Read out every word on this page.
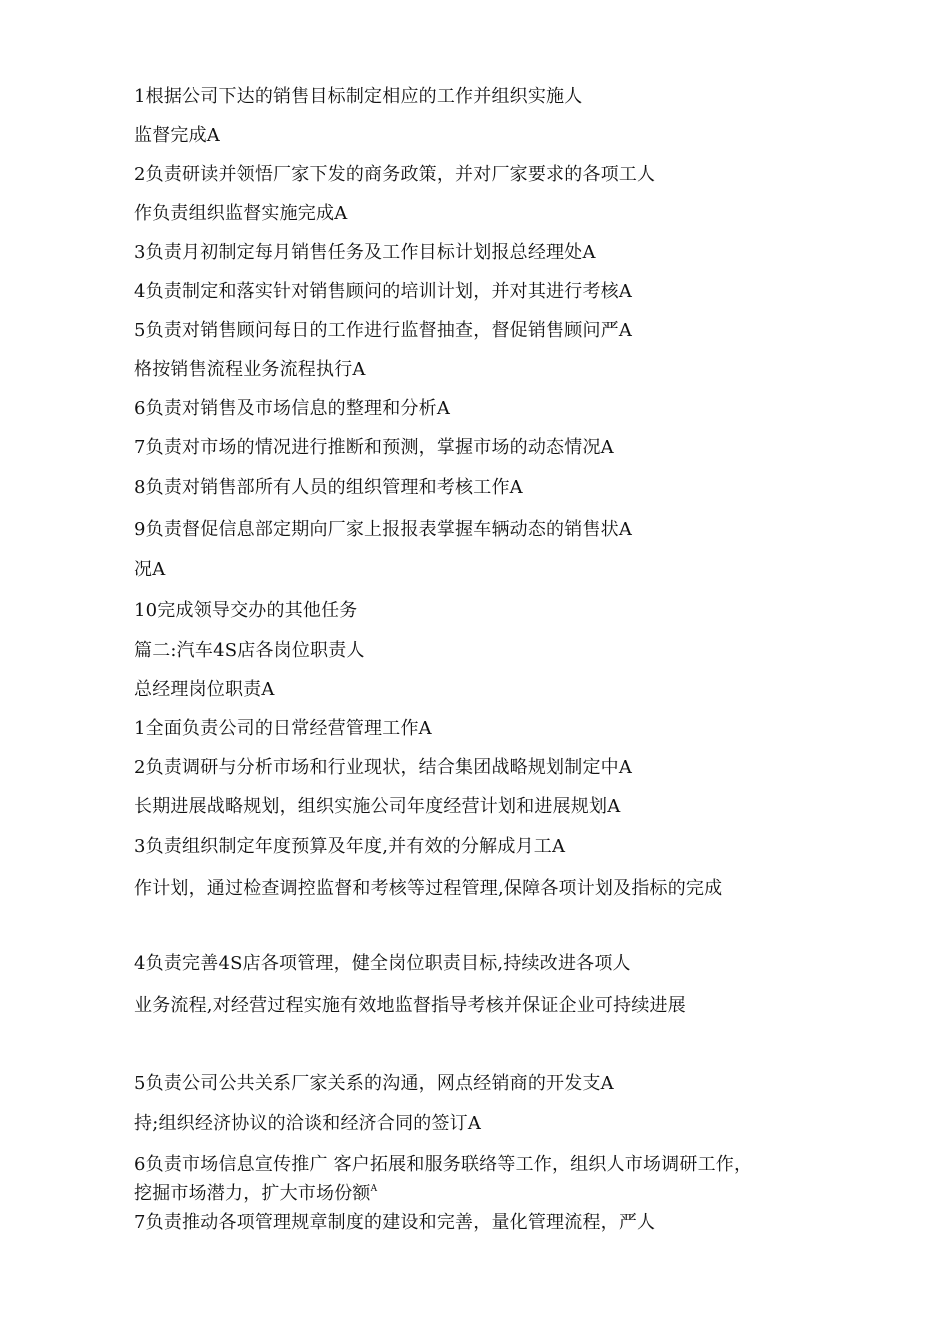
1根据公司下达的销售目标制定相应的工作并组织实施人
监督完成A
2负责研读并领悟厂家下发的商务政策，并对厂家要求的各项工人
作负责组织监督实施完成A
3负责月初制定每月销售任务及工作目标计划报总经理处A
4负责制定和落实针对销售顾问的培训计划，并对其进行考核A
5负责对销售顾问每日的工作进行监督抽查，督促销售顾问严A
格按销售流程业务流程执行A
6负责对销售及市场信息的整理和分析A
7负责对市场的情况进行推断和预测，掌握市场的动态情况A
8负责对销售部所有人员的组织管理和考核工作A
9负责督促信息部定期向厂家上报报表掌握车辆动态的销售状A
况A
10完成领导交办的其他任务
篇二:汽车4S店各岗位职责人
总经理岗位职责A
1全面负责公司的日常经营管理工作A
2负责调研与分析市场和行业现状，结合集团战略规划制定中A
长期进展战略规划，组织实施公司年度经营计划和进展规划A
3负责组织制定年度预算及年度,并有效的分解成月工A
作计划，通过检查调控监督和考核等过程管理,保障各项计划及指标的完成
4负责完善4S店各项管理，健全岗位职责目标,持续改进各项人
业务流程,对经营过程实施有效地监督指导考核并保证企业可持续进展
5负责公司公共关系厂家关系的沟通，网点经销商的开发支A
持;组织经济协议的洽谈和经济合同的签订A
6负责市场信息宣传推广 客户拓展和服务联络等工作，组织人市场调研工作，
挖掘市场潜力，扩大市场份额$^A$
7负责推动各项管理规章制度的建设和完善，量化管理流程，严人
